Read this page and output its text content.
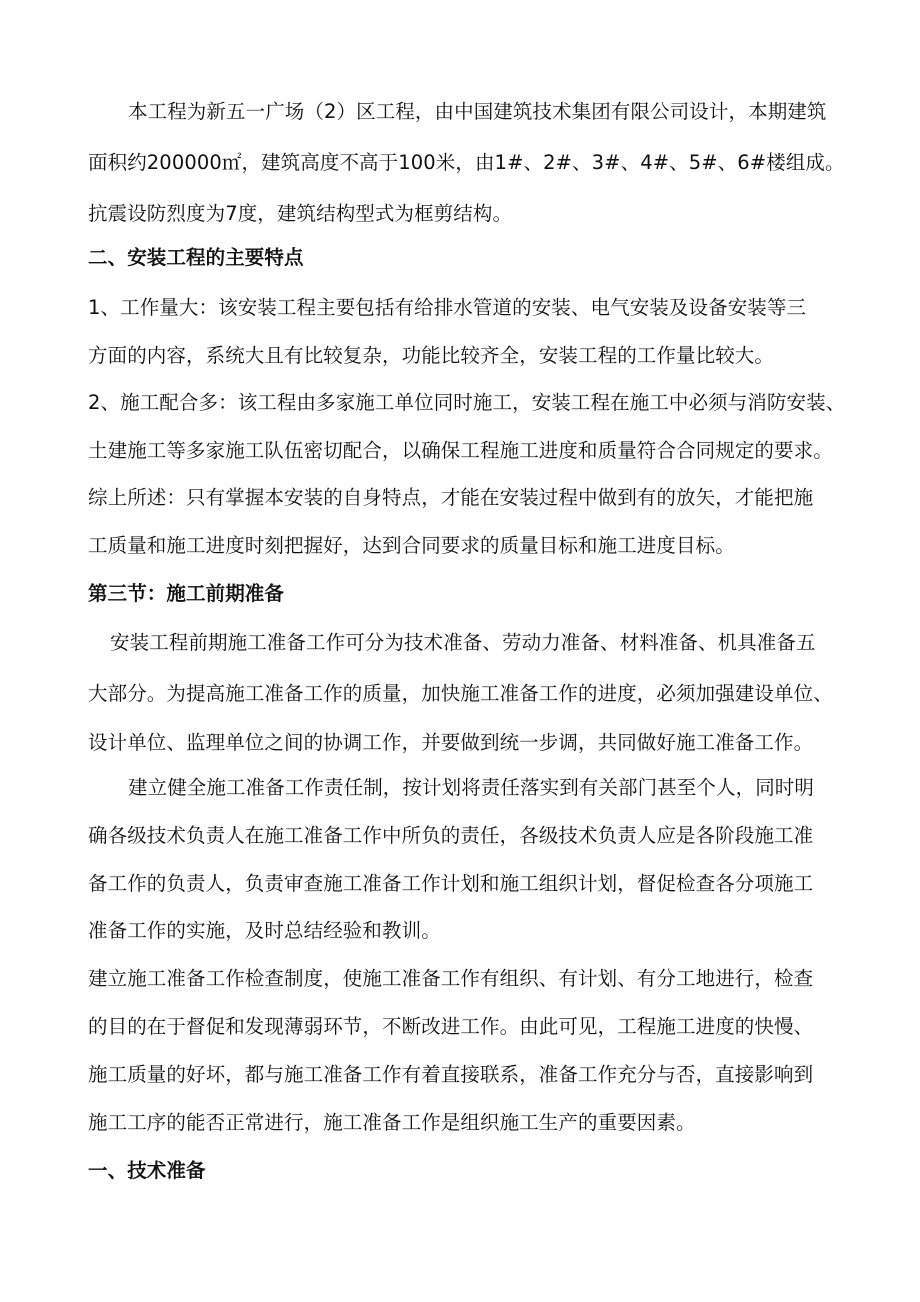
本工程为新五一广场（2）区工程，由中国建筑技术集团有限公司设计，本期建筑
面积约200000㎡，建筑高度不高于100米，由1#、2#、3#、4#、5#、6#楼组成。
抗震设防烈度为7度，建筑结构型式为框剪结构。
二、安装工程的主要特点
1、工作量大：该安装工程主要包括有给排水管道的安装、电气安装及设备安装等三
方面的内容，系统大且有比较复杂，功能比较齐全，安装工程的工作量比较大。
2、施工配合多：该工程由多家施工单位同时施工，安装工程在施工中必须与消防安装、
土建施工等多家施工队伍密切配合，以确保工程施工进度和质量符合合同规定的要求。
综上所述：只有掌握本安装的自身特点，才能在安装过程中做到有的放矢，才能把施
工质量和施工进度时刻把握好，达到合同要求的质量目标和施工进度目标。
第三节：施工前期准备
安装工程前期施工准备工作可分为技术准备、劳动力准备、材料准备、机具准备五
大部分。为提高施工准备工作的质量，加快施工准备工作的进度，必须加强建设单位、
设计单位、监理单位之间的协调工作，并要做到统一步调，共同做好施工准备工作。
建立健全施工准备工作责任制，按计划将责任落实到有关部门甚至个人，同时明
确各级技术负责人在施工准备工作中所负的责任，各级技术负责人应是各阶段施工准
备工作的负责人，负责审查施工准备工作计划和施工组织计划，督促检查各分项施工
准备工作的实施，及时总结经验和教训。
建立施工准备工作检查制度，使施工准备工作有组织、有计划、有分工地进行，检查
的目的在于督促和发现薄弱环节，不断改进工作。由此可见，工程施工进度的快慢、
施工质量的好坏，都与施工准备工作有着直接联系，准备工作充分与否，直接影响到
施工工序的能否正常进行，施工准备工作是组织施工生产的重要因素。
一、技术准备
